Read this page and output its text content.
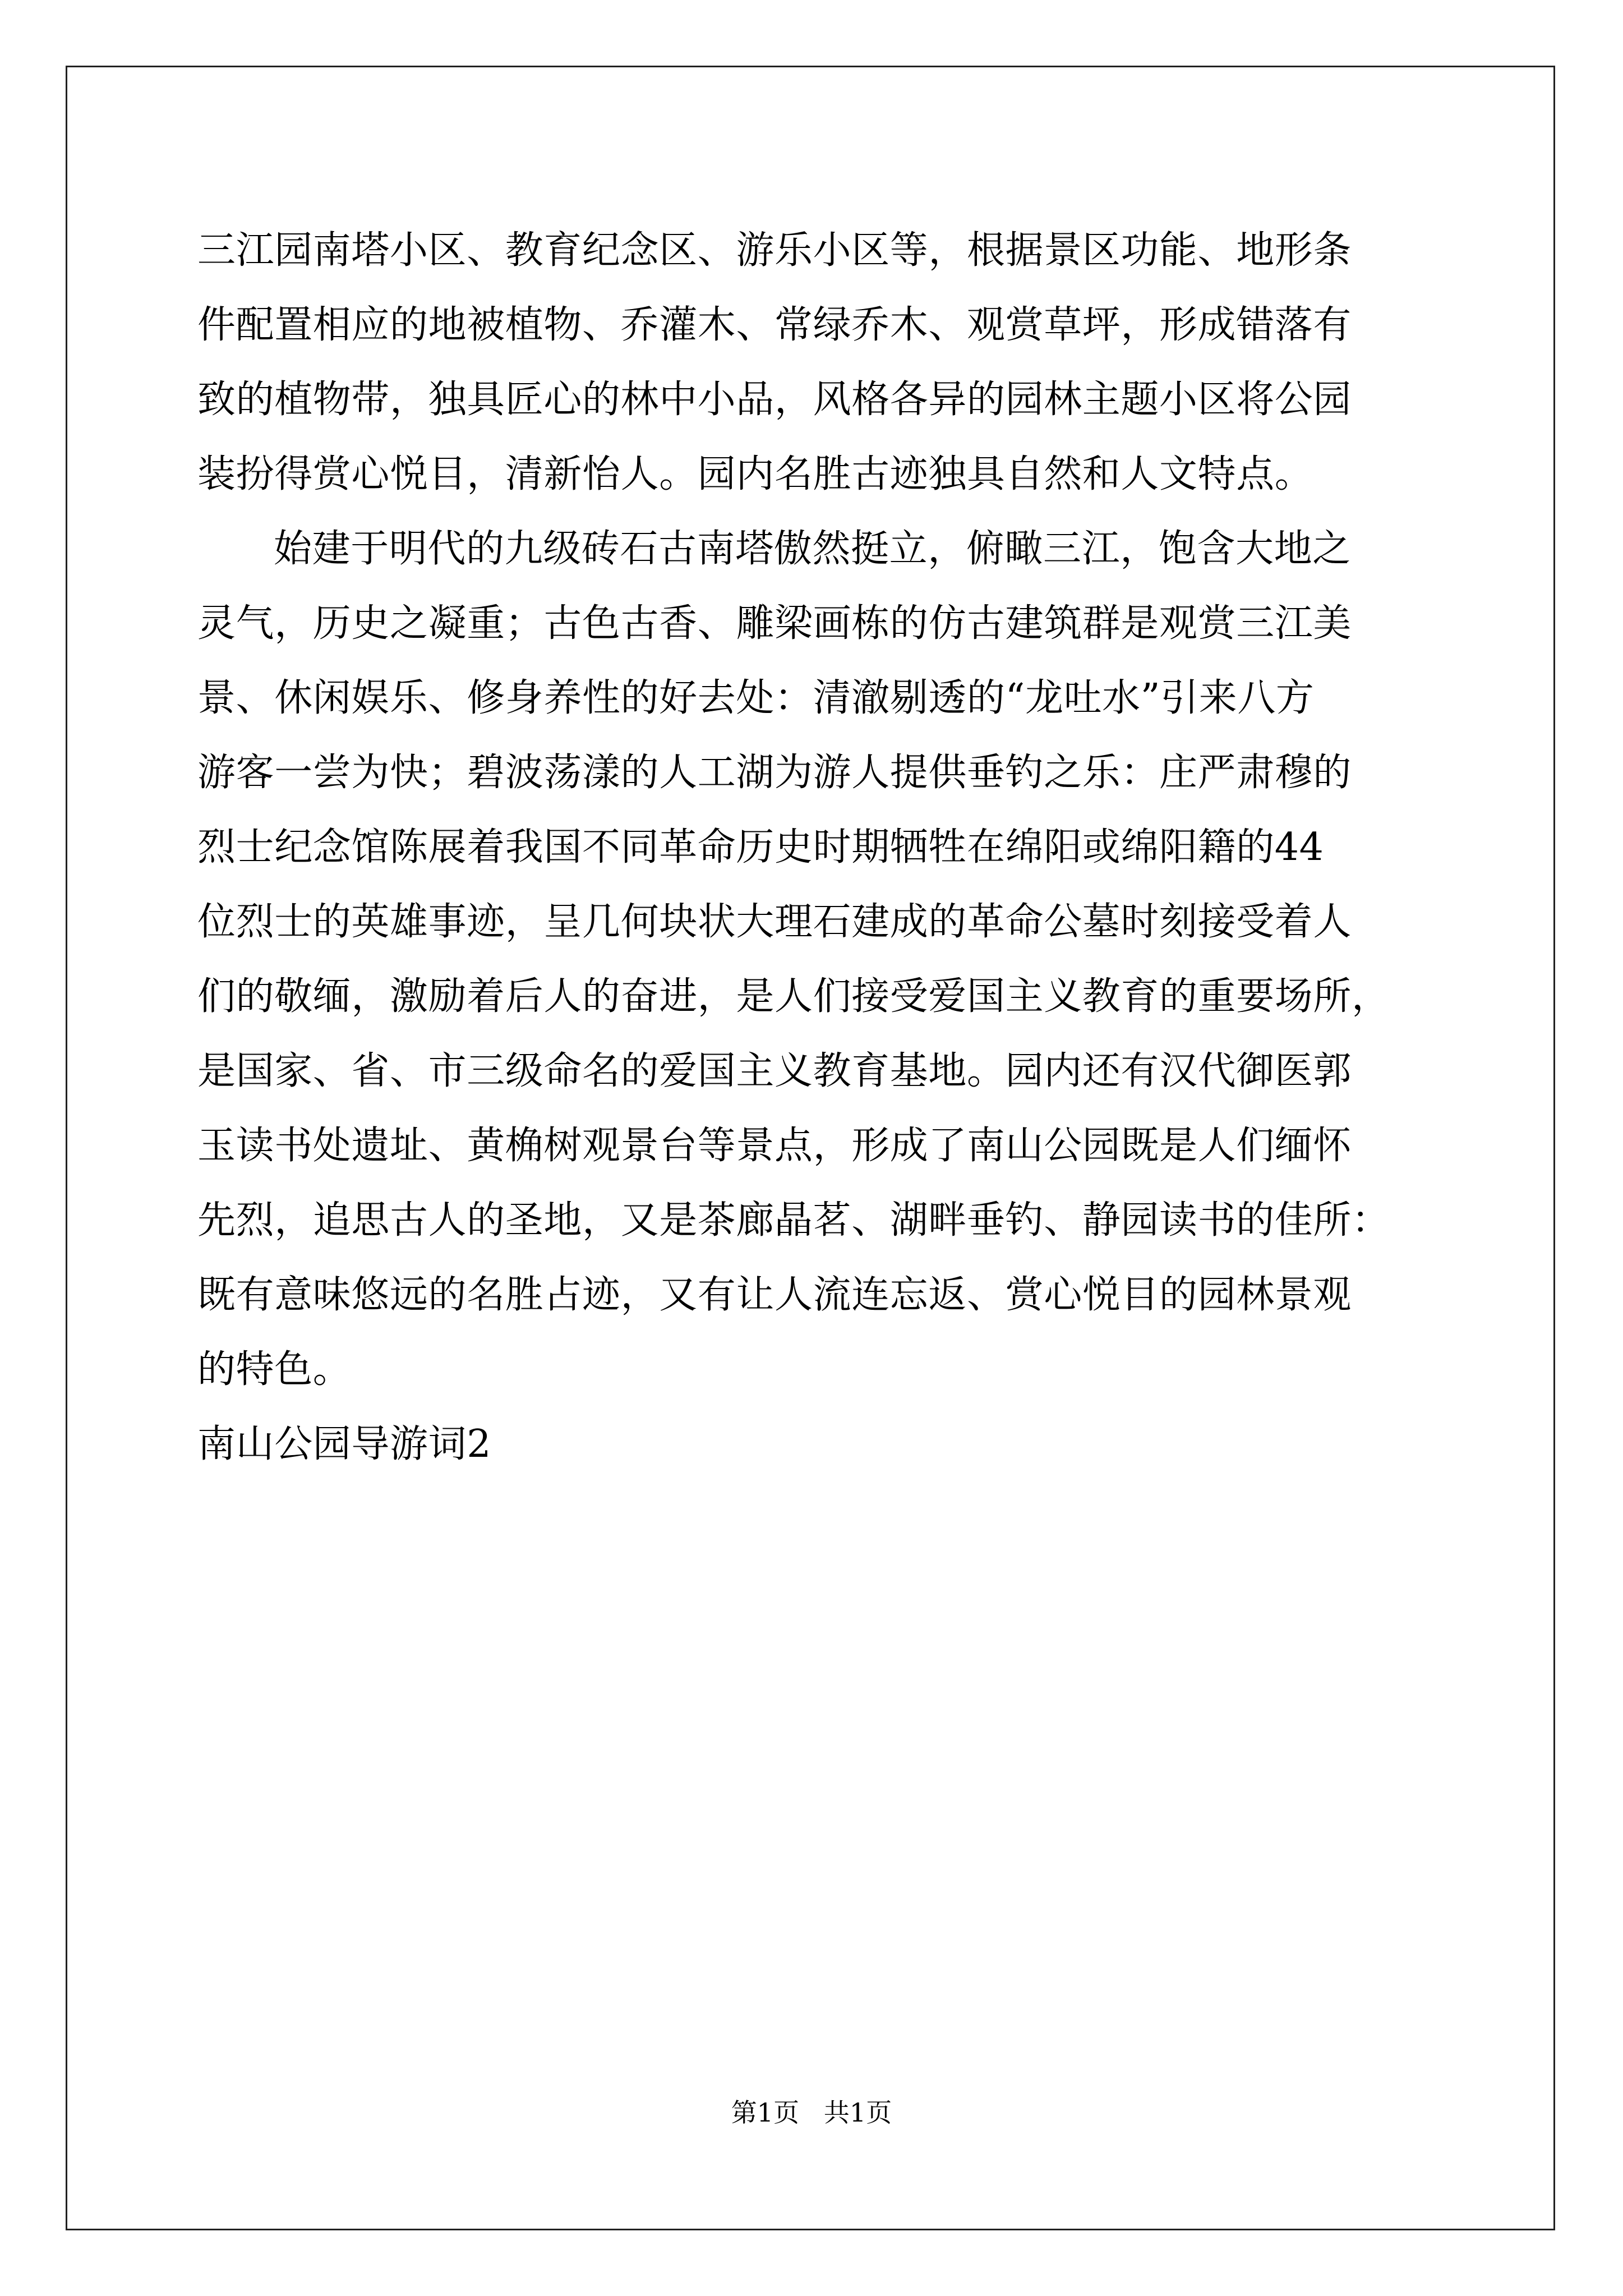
三江园南塔小区、教育纪念区、游乐小区等，根据景区功能、地形条
件配置相应的地被植物、乔灌木、常绿乔木、观赏草坪，形成错落有
致的植物带，独具匠心的林中小品，风格各异的园林主题小区将公园
装扮得赏心悦目，清新怡人。园内名胜古迹独具自然和人文特点。
始建于明代的九级砖石古南塔傲然挺立，俯瞰三江，饱含大地之
灵气，历史之凝重；古色古香、雕梁画栋的仿古建筑群是观赏三江美
景、休闲娱乐、修身养性的好去处：清澈剔透的“龙吐水”引来八方
游客一尝为快；碧波荡漾的人工湖为游人提供垂钓之乐：庄严肃穆的
烈士纪念馆陈展着我国不同革命历史时期牺牲在绵阳或绵阳籍的44
位烈士的英雄事迹，呈几何块状大理石建成的革命公墓时刻接受着人
们的敬缅，激励着后人的奋进，是人们接受爱国主义教育的重要场所，
是国家、省、市三级命名的爱国主义教育基地。园内还有汉代御医郭
玉读书处遗址、黄桷树观景台等景点，形成了南山公园既是人们缅怀
先烈，追思古人的圣地，又是茶廊晶茗、湖畔垂钓、静园读书的佳所：
既有意味悠远的名胜占迹，又有让人流连忘返、赏心悦目的园林景观
的特色。
南山公园导游词2
第1页   共1页
